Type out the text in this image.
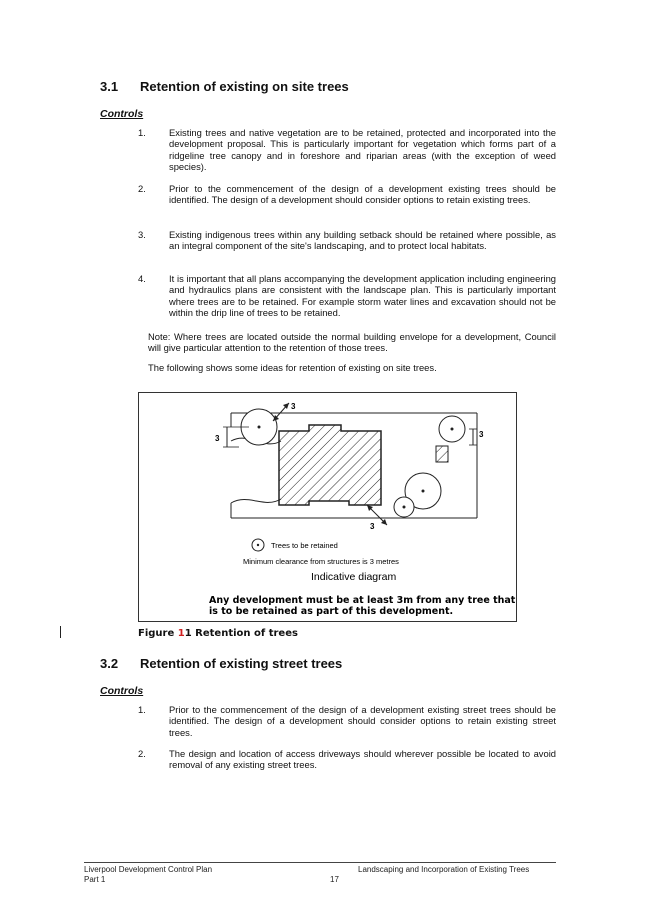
3.1 Retention of existing on site trees
Controls
1. Existing trees and native vegetation are to be retained, protected and incorporated into the development proposal. This is particularly important for vegetation which forms part of a ridgeline tree canopy and in foreshore and riparian areas (with the exception of weed species).
2. Prior to the commencement of the design of a development existing trees should be identified. The design of a development should consider options to retain existing trees.
3. Existing indigenous trees within any building setback should be retained where possible, as an integral component of the site's landscaping, and to protect local habitats.
4. It is important that all plans accompanying the development application including engineering and hydraulics plans are consistent with the landscape plan. This is particularly important where trees are to be retained. For example storm water lines and excavation should not be within the drip line of trees to be retained.
Note: Where trees are located outside the normal building envelope for a development, Council will give particular attention to the retention of those trees.
The following shows some ideas for retention of existing on site trees.
3
3	3
3
Trees to be retained
Minimum clearance from structures is 3 metres
Indicative diagram
Any development must be at least 3m from any tree that
is to be retained as part of this development.
Figure 11 Retention of trees
3.2 Retention of existing street trees
Controls
1. Prior to the commencement of the design of a development existing street trees should be identified. The design of a development should consider options to retain existing street trees.
2. The design and location of access driveways should wherever possible be located to avoid removal of any existing street trees.
Liverpool Development Control Plan
Part 1	17
Landscaping and Incorporation of Existing Trees
